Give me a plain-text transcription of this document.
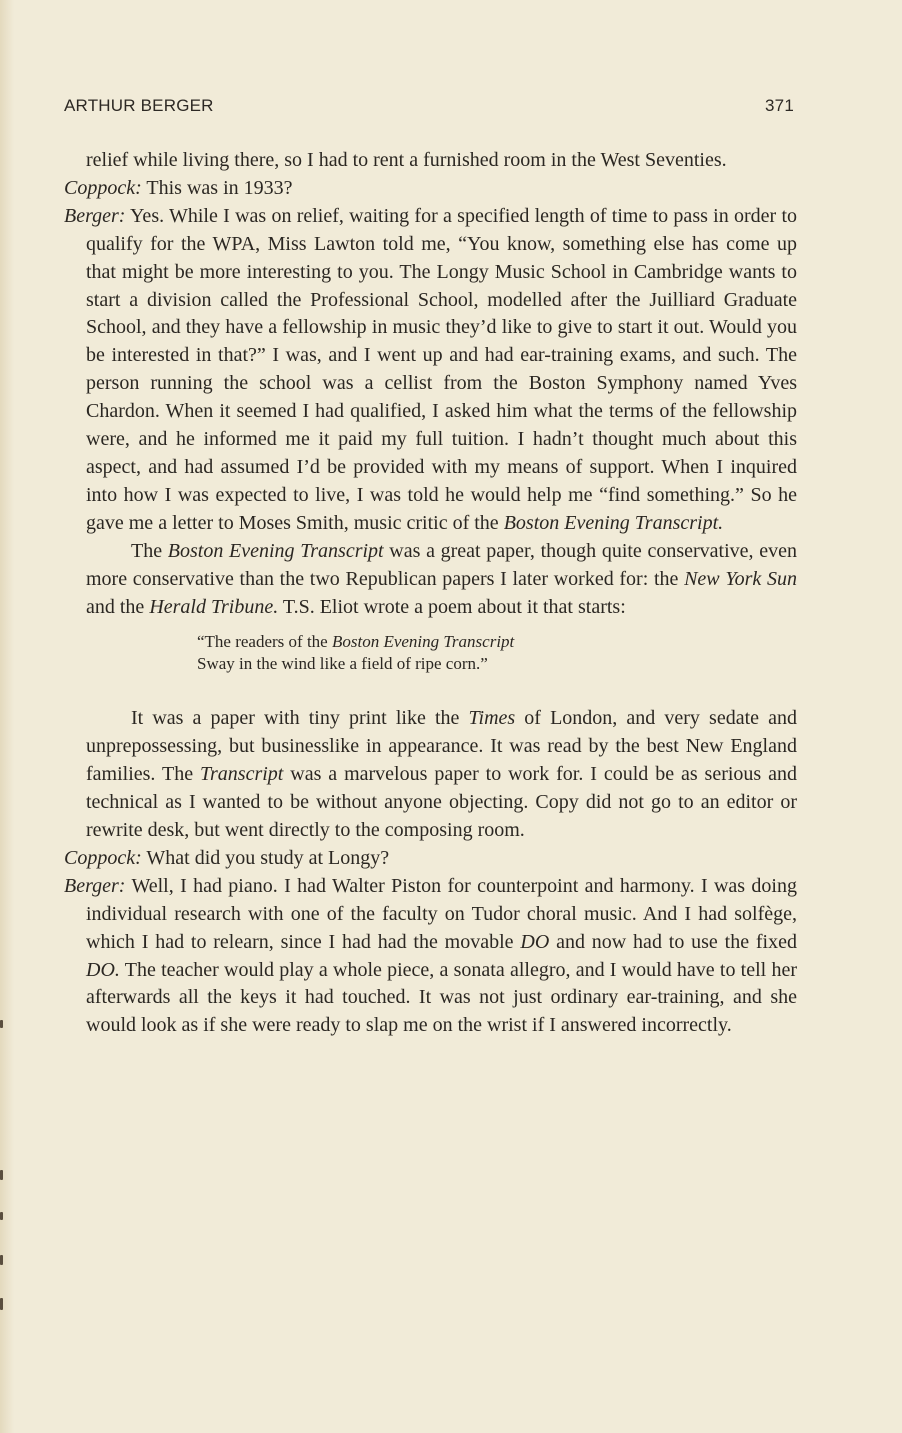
ARTHUR BERGER	371

relief while living there, so I had to rent a furnished room in the West Seventies.

Coppock: This was in 1933?

Berger: Yes. While I was on relief, waiting for a specified length of time to pass in order to qualify for the WPA, Miss Lawton told me, “You know, something else has come up that might be more interesting to you. The Longy Music School in Cambridge wants to start a division called the Professional School, modelled after the Juilliard Graduate School, and they have a fellowship in music they’d like to give to start it out. Would you be interested in that?” I was, and I went up and had ear-training exams, and such. The person running the school was a cellist from the Boston Symphony named Yves Chardon. When it seemed I had qualified, I asked him what the terms of the fellowship were, and he informed me it paid my full tuition. I hadn’t thought much about this aspect, and had assumed I’d be provided with my means of support. When I inquired into how I was expected to live, I was told he would help me “find something.” So he gave me a letter to Moses Smith, music critic of the Boston Evening Transcript.

The Boston Evening Transcript was a great paper, though quite conservative, even more conservative than the two Republican papers I later worked for: the New York Sun and the Herald Tribune. T.S. Eliot wrote a poem about it that starts:

“The readers of the Boston Evening Transcript
Sway in the wind like a field of ripe corn.”

It was a paper with tiny print like the Times of London, and very sedate and unprepossessing, but businesslike in appearance. It was read by the best New England families. The Transcript was a marvelous paper to work for. I could be as serious and technical as I wanted to be without anyone objecting. Copy did not go to an editor or rewrite desk, but went directly to the composing room.

Coppock: What did you study at Longy?

Berger: Well, I had piano. I had Walter Piston for counterpoint and harmony. I was doing individual research with one of the faculty on Tudor choral music. And I had solfège, which I had to relearn, since I had had the movable DO and now had to use the fixed DO. The teacher would play a whole piece, a sonata allegro, and I would have to tell her afterwards all the keys it had touched. It was not just ordinary ear-training, and she would look as if she were ready to slap me on the wrist if I answered incorrectly.
